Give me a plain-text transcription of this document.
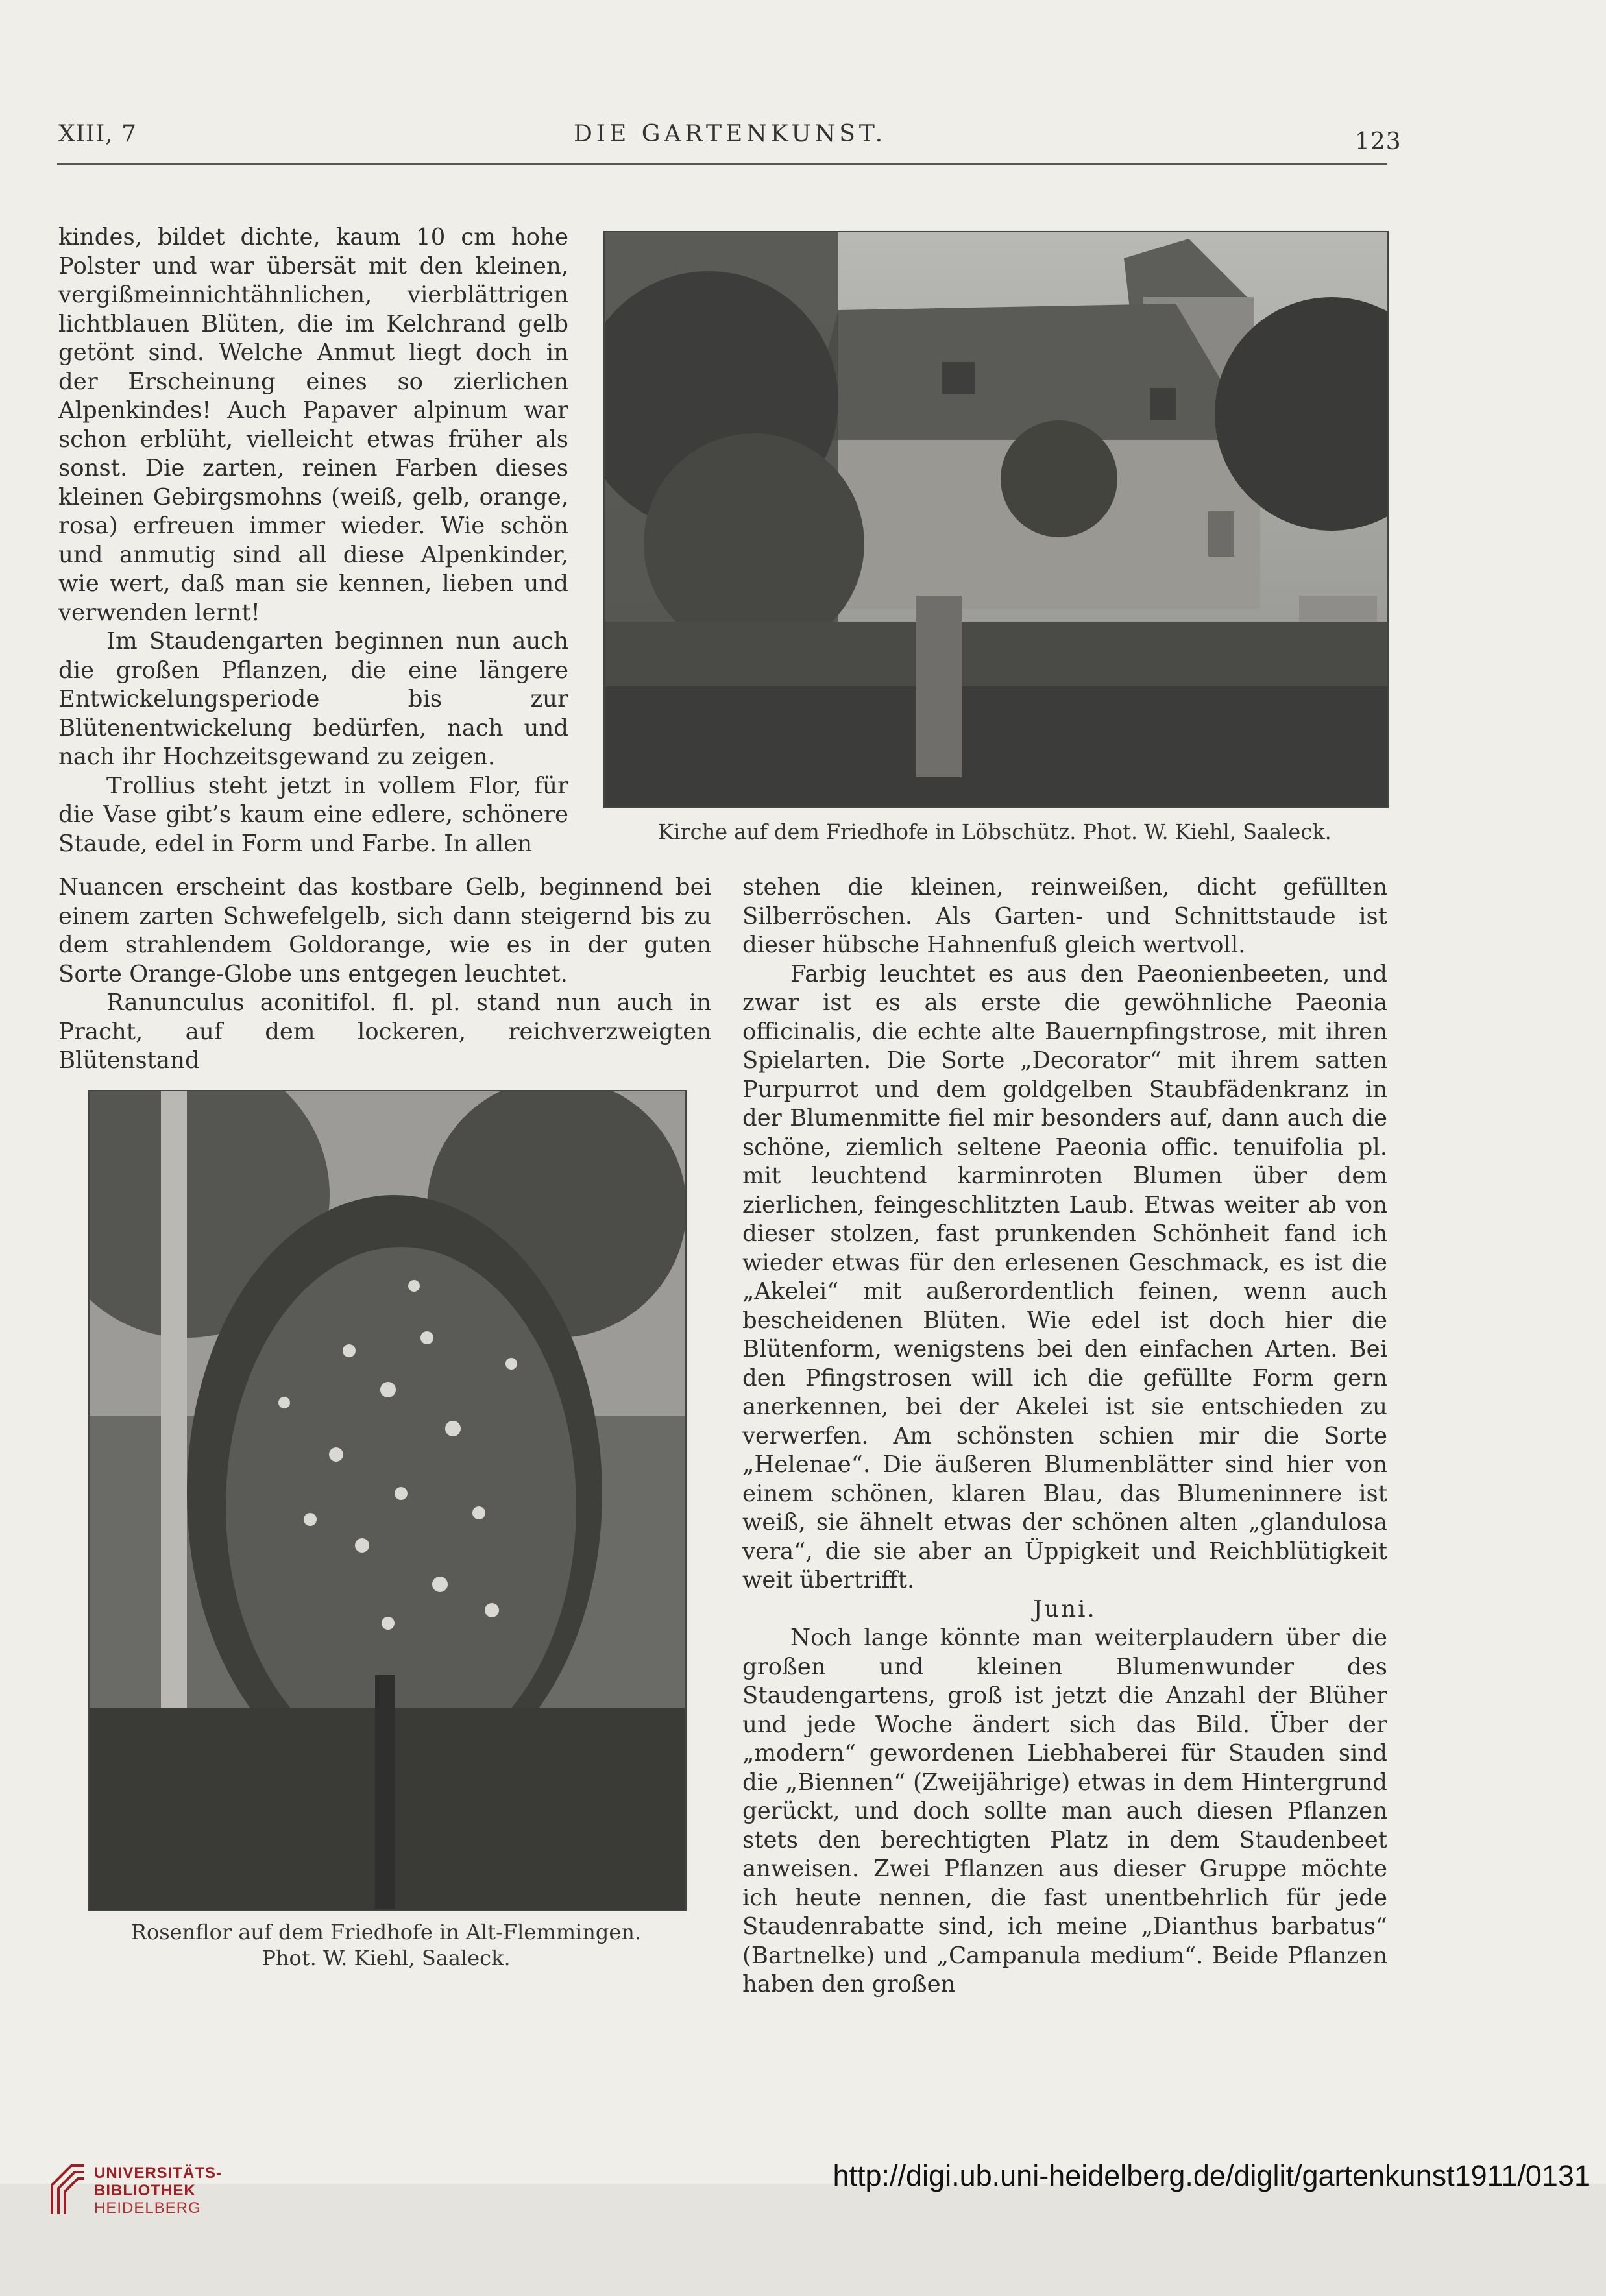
XIII, 7	DIE GARTENKUNST.	123

kindes, bildet dichte, kaum 10 cm hohe Polster und war übersät mit den kleinen, vergißmeinnichtähnlichen, vierblättrigen lichtblauen Blüten, die im Kelchrand gelb getönt sind. Welche Anmut liegt doch in der Erscheinung eines so zierlichen Alpenkindes! Auch Papaver alpinum war schon erblüht, vielleicht etwas früher als sonst. Die zarten, reinen Farben dieses kleinen Gebirgsmohns (weiß, gelb, orange, rosa) erfreuen immer wieder. Wie schön und anmutig sind all diese Alpenkinder, wie wert, daß man sie kennen, lieben und verwenden lernt!

Im Staudengarten beginnen nun auch die großen Pflanzen, die eine längere Entwickelungsperiode bis zur Blütenentwickelung bedürfen, nach und nach ihr Hochzeitsgewand zu zeigen.

Trollius steht jetzt in vollem Flor, für die Vase gibt’s kaum eine edlere, schönere Staude, edel in Form und Farbe. In allen

Nuancen erscheint das kostbare Gelb, beginnend bei einem zarten Schwefelgelb, sich dann steigernd bis zu dem strahlendem Goldorange, wie es in der guten Sorte Orange-Globe uns entgegen leuchtet.

Ranunculus aconitifol. fl. pl. stand nun auch in Pracht, auf dem lockeren, reichverzweigten Blütenstand

stehen die kleinen, reinweißen, dicht gefüllten Silberröschen. Als Garten- und Schnittstaude ist dieser hübsche Hahnenfuß gleich wertvoll.

Farbig leuchtet es aus den Paeonienbeeten, und zwar ist es als erste die gewöhnliche Paeonia officinalis, die echte alte Bauernpfingstrose, mit ihren Spielarten. Die Sorte „Decorator“ mit ihrem satten Purpurrot und dem goldgelben Staubfädenkranz in der Blumenmitte fiel mir besonders auf, dann auch die schöne, ziemlich seltene Paeonia offic. tenuifolia pl. mit leuchtend karminroten Blumen über dem zierlichen, feingeschlitzten Laub. Etwas weiter ab von dieser stolzen, fast prunkenden Schönheit fand ich wieder etwas für den erlesenen Geschmack, es ist die „Akelei“ mit außerordentlich feinen, wenn auch bescheidenen Blüten. Wie edel ist doch hier die Blütenform, wenigstens bei den einfachen Arten. Bei den Pfingstrosen will ich die gefüllte Form gern anerkennen, bei der Akelei ist sie entschieden zu verwerfen. Am schönsten schien mir die Sorte „Helenae“. Die äußeren Blumenblätter sind hier von einem schönen, klaren Blau, das Blumeninnere ist weiß, sie ähnelt etwas der schönen alten „glandulosa vera“, die sie aber an Üppigkeit und Reichblütigkeit weit übertrifft.

Juni.

Noch lange könnte man weiterplaudern über die großen und kleinen Blumenwunder des Staudengartens, groß ist jetzt die Anzahl der Blüher und jede Woche ändert sich das Bild. Über der „modern“ gewordenen Liebhaberei für Stauden sind die „Biennen“ (Zweijährige) etwas in dem Hintergrund gerückt, und doch sollte man auch diesen Pflanzen stets den berechtigten Platz in dem Staudenbeet anweisen. Zwei Pflanzen aus dieser Gruppe möchte ich heute nennen, die fast unentbehrlich für jede Staudenrabatte sind, ich meine „Dianthus barbatus“ (Bartnelke) und „Campanula medium“. Beide Pflanzen haben den großen

Kirche auf dem Friedhofe in Löbschütz. Phot. W. Kiehl, Saaleck.
Rosenflor auf dem Friedhofe in Alt-Flemmingen.
Phot. W. Kiehl, Saaleck.
UNIVERSITÄTS-
BIBLIOTHEK
HEIDELBERG
http://digi.ub.uni-heidelberg.de/diglit/gartenkunst1911/0131
